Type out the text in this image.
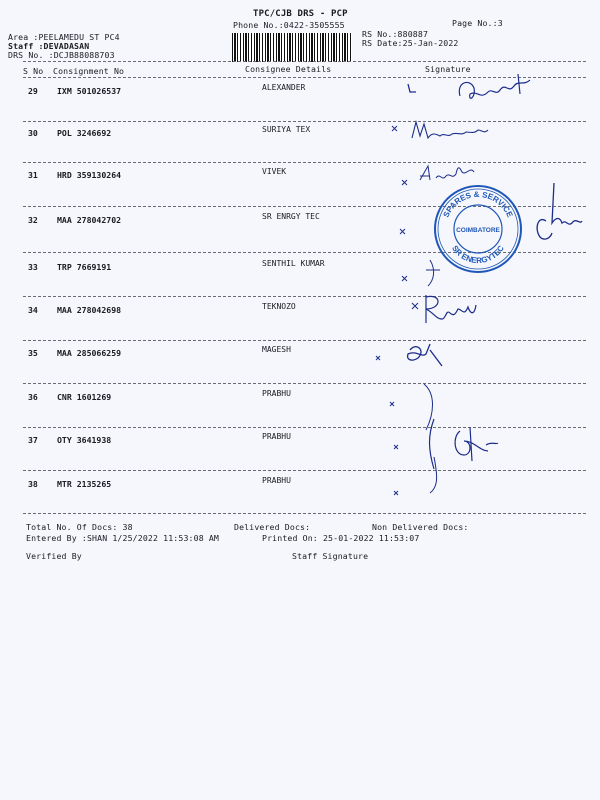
TPC/CJB DRS - PCP
Phone No.:0422-3505555	Page No.:3
Area :PEELAMEDU ST PC4
Staff :DEVADASAN
DRS No. :DCJB88088703
RS No.:880887
RS Date:25-Jan-2022
S No Consignment No	Consignee Details	Signature
29 IXM 501026537	ALEXANDER
30 POL 3246692	SURIYA TEX
31 HRD 359130264	VIVEK
32 MAA 278042702	SR ENRGY TEC
33 TRP 7669191	SENTHIL KUMAR
34 MAA 278042698	TEKNOZO
35 MAA 285066259	MAGESH
36 CNR 1601269	PRABHU
37 OTY 3641938	PRABHU
38 MTR 2135265	PRABHU
SPARES & SERVICE
SR ENERGYTEC
COIMBATORE
Total No. Of Docs: 38	Delivered Docs:	Non Delivered Docs:
Entered By :SHAN 1/25/2022 11:53:08 AM	Printed On: 25-01-2022 11:53:07
Verified By	Staff Signature
